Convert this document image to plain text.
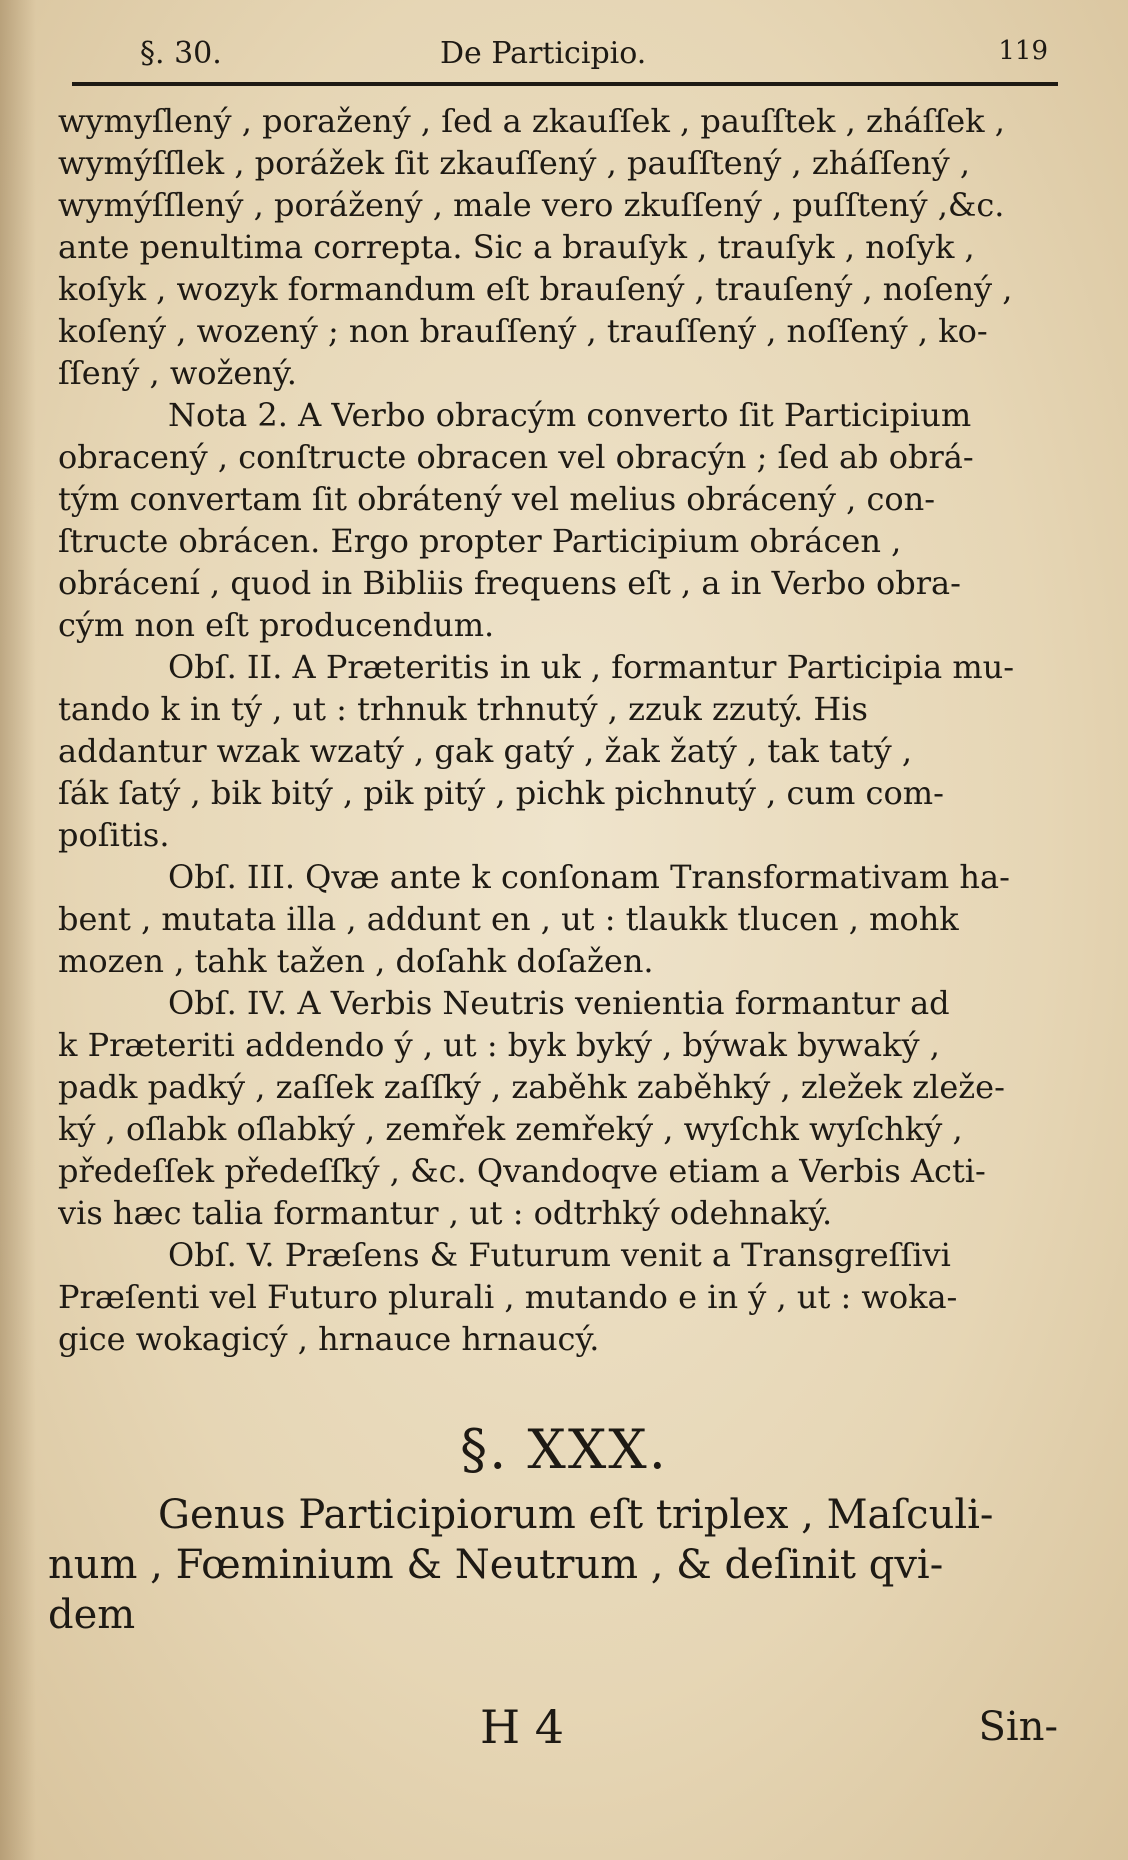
§. 30.	De Participio.	119
wymyſlený , poražený , ſed a zkauſſek , pauſſtek , zháſſek ,
wymýſſlek , porážek ſit zkauſſený , pauſſtený , zháſſený ,
wymýſſlený , porážený , male vero zkuſſený , puſſtený ,&c.
ante penultima correpta. Sic a brauſyk , trauſyk , noſyk ,
koſyk , wozyk formandum eſt brauſený , trauſený , noſený ,
koſený , wozený ; non brauſſený , trauſſený , noſſený , ko-
ſſený , wožený.
Nota 2. A Verbo obracým converto ſit Participium
obracený , conſtructe obracen vel obracýn ; ſed ab obrá-
tým convertam ſit obrátený vel melius obrácený , con-
ſtructe obrácen. Ergo propter Participium obrácen ,
obrácení , quod in Bibliis frequens eſt , a in Verbo obra-
cým non eſt producendum.
Obſ. II. A Præteritis in uk , formantur Participia mu-
tando k in tý , ut : trhnuk trhnutý , zzuk zzutý. His
addantur wzak wzatý , gak gatý , žak žatý , tak tatý ,
ſák ſatý , bik bitý , pik pitý , pichk pichnutý , cum com-
poſitis.
Obſ. III. Qvæ ante k conſonam Transformativam ha-
bent , mutata illa , addunt en , ut : tlaukk tlucen , mohk
mozen , tahk tažen , doſahk doſažen.
Obſ. IV. A Verbis Neutris venientia formantur ad
k Præteriti addendo ý , ut : byk byký , býwak bywaký ,
padk padký , zaſſek zaſſký , zaběhk zaběhký , zležek zleže-
ký , oſlabk oſlabký , zemřek zemřeký , wyſchk wyſchký ,
předeſſek předeſſký , &c. Qvandoqve etiam a Verbis Acti-
vis hæc talia formantur , ut : odtrhký odehnaký.
Obſ. V. Præſens & Futurum venit a Transgreſſivi
Præſenti vel Futuro plurali , mutando e in ý , ut : woka-
gice wokagicý , hrnauce hrnaucý.
§. XXX.
Genus Participiorum eſt triplex , Maſculi-
num , Fœminium & Neutrum , & deſinit qvi-
dem
H 4	Sin-
